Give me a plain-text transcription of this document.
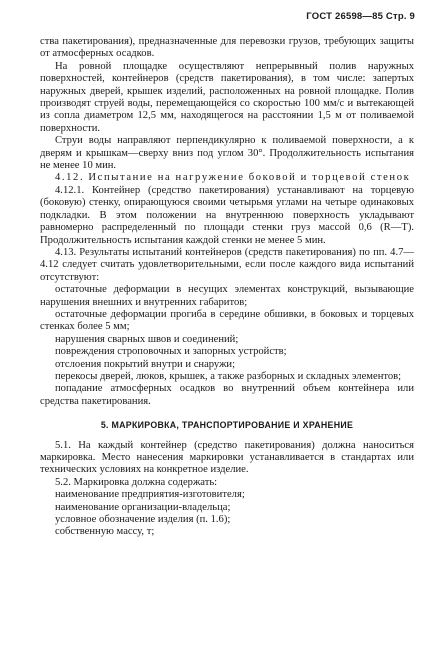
ГОСТ 26598—85 Стр. 9

ства пакетирования), предназначенные для перевозки грузов, требующих защиты от атмосферных осадков.

На ровной площадке осуществляют непрерывный полив наружных поверхностей, контейнеров (средств пакетирования), в том числе: запертых наружных дверей, крышек изделий, расположенных на ровной площадке. Полив производят струей воды, перемещающейся со скоростью 100 мм/с и вытекающей из сопла диаметром 12,5 мм, находящегося на расстоянии 1,5 м от поливаемой поверхности.

Струи воды направляют перпендикулярно к поливаемой поверхности, а к дверям и крышкам—сверху вниз под углом 30°. Продолжительность испытания не менее 10 мин.

4.12. Испытание на нагружение боковой и торцевой стенок

4.12.1. Контейнер (средство пакетирования) устанавливают на торцевую (боковую) стенку, опирающуюся своими четырьмя углами на четыре одинаковых подкладки. В этом положении на внутреннюю поверхность укладывают равномерно распределенный по площади стенки груз массой 0,6 (R—T). Продолжительность испытания каждой стенки не менее 5 мин.

4.13. Результаты испытаний контейнеров (средств пакетирования) по пп. 4.7—4.12 следует считать удовлетворительными, если после каждого вида испытаний отсутствуют:

остаточные деформации в несущих элементах конструкций, вызывающие нарушения внешних и внутренних габаритов;

остаточные деформации прогиба в середине обшивки, в боковых и торцевых стенках более 5 мм;

нарушения сварных швов и соединений;

повреждения строповочных и запорных устройств;

отслоения покрытий внутри и снаружи;

перекосы дверей, люков, крышек, а также разборных и складных элементов;

попадание атмосферных осадков во внутренний объем контейнера или средства пакетирования.

5. МАРКИРОВКА, ТРАНСПОРТИРОВАНИЕ И ХРАНЕНИЕ

5.1. На каждый контейнер (средство пакетирования) должна наноситься маркировка. Место нанесения маркировки устанавливается в стандартах или технических условиях на конкретное изделие.

5.2. Маркировка должна содержать:

наименование предприятия-изготовителя;

наименование организации-владельца;

условное обозначение изделия (п. 1.6);

собственную массу, т;
